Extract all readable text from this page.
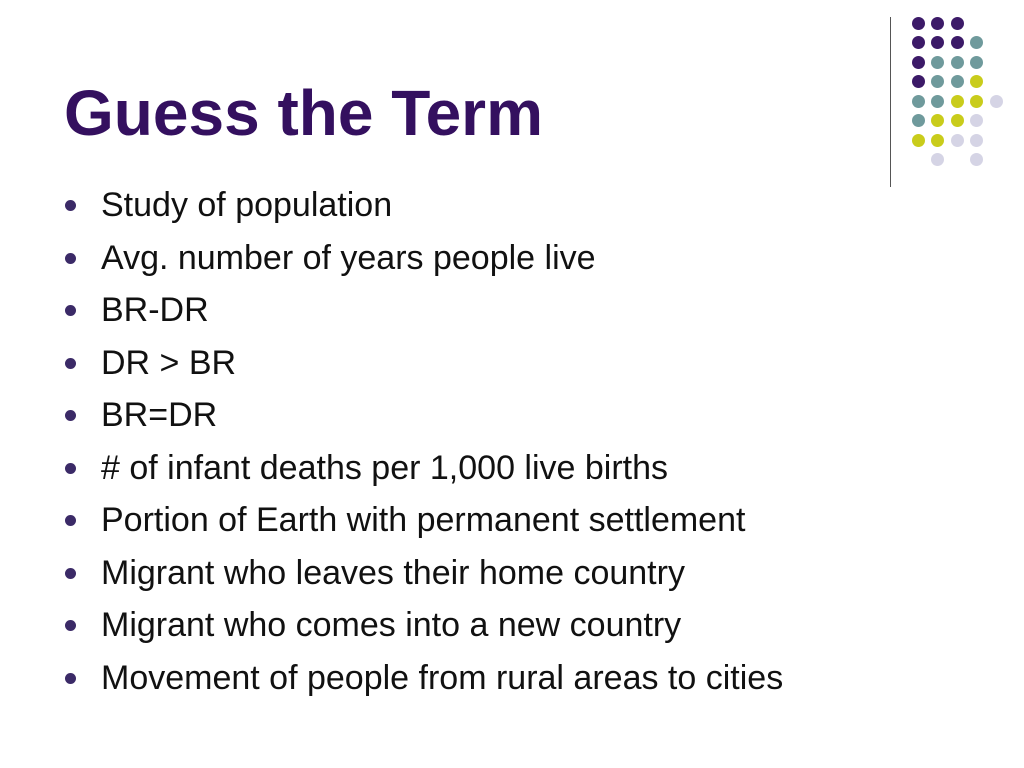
Guess the Term
Study of population
Avg. number of years people live
BR-DR
DR > BR
BR=DR
# of infant deaths per 1,000 live births
Portion of Earth with permanent settlement
Migrant who leaves their home country
Migrant who comes into a new country
Movement of people from rural areas to cities
